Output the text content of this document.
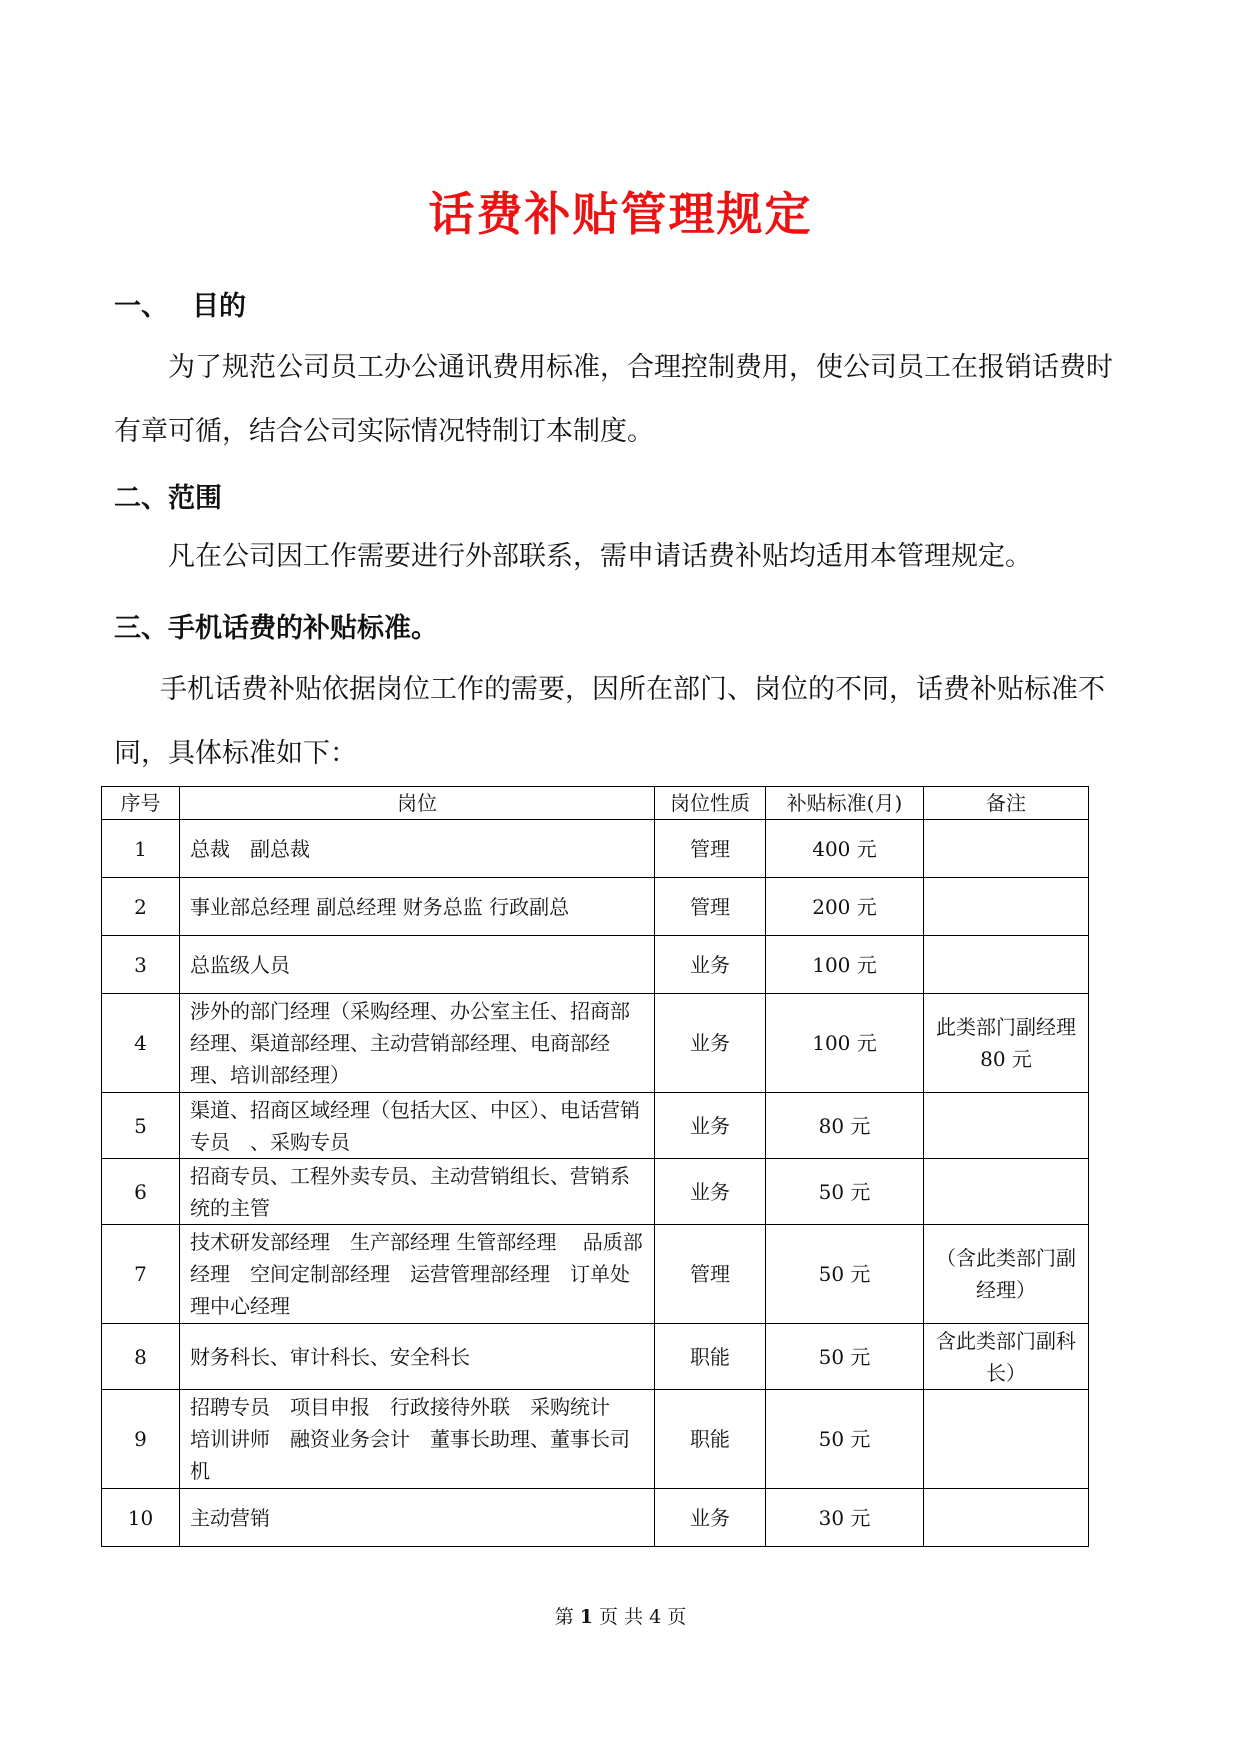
话费补贴管理规定
一、 目的
为了规范公司员工办公通讯费用标准，合理控制费用，使公司员工在报销话费时有章可循，结合公司实际情况特制订本制度。
二、范围
凡在公司因工作需要进行外部联系，需申请话费补贴均适用本管理规定。
三、手机话费的补贴标准。
手机话费补贴依据岗位工作的需要，因所在部门、岗位的不同，话费补贴标准不同，具体标准如下：
序号	岗位	岗位性质	补贴标准(月)	备注
1	总裁　副总裁	管理	400 元	
2	事业部总经理 副总经理 财务总监 行政副总	管理	200 元	
3	总监级人员	业务	100 元	
4	涉外的部门经理（采购经理、办公室主任、招商部经理、渠道部经理、主动营销部经理、电商部经理、培训部经理）	业务	100 元	此类部门副经理　 80 元
5	渠道、招商区域经理（包括大区、中区）、电话营销专员　、采购专员	业务	80 元	
6	招商专员、工程外卖专员、主动营销组长、营销系统的主管	业务	50 元	
7	技术研发部经理　生产部经理 生管部经理　 品质部经理　空间定制部经理　运营管理部经理　订单处理中心经理	管理	50 元	（含此类部门副经理）
8	财务科长、审计科长、安全科长	职能	50 元	含此类部门副科长）
9	招聘专员　项目申报　行政接待外联　采购统计　培训讲师　融资业务会计　董事长助理、董事长司机	职能	50 元	
10	主动营销	业务	30 元	
第 1 页 共 4 页
